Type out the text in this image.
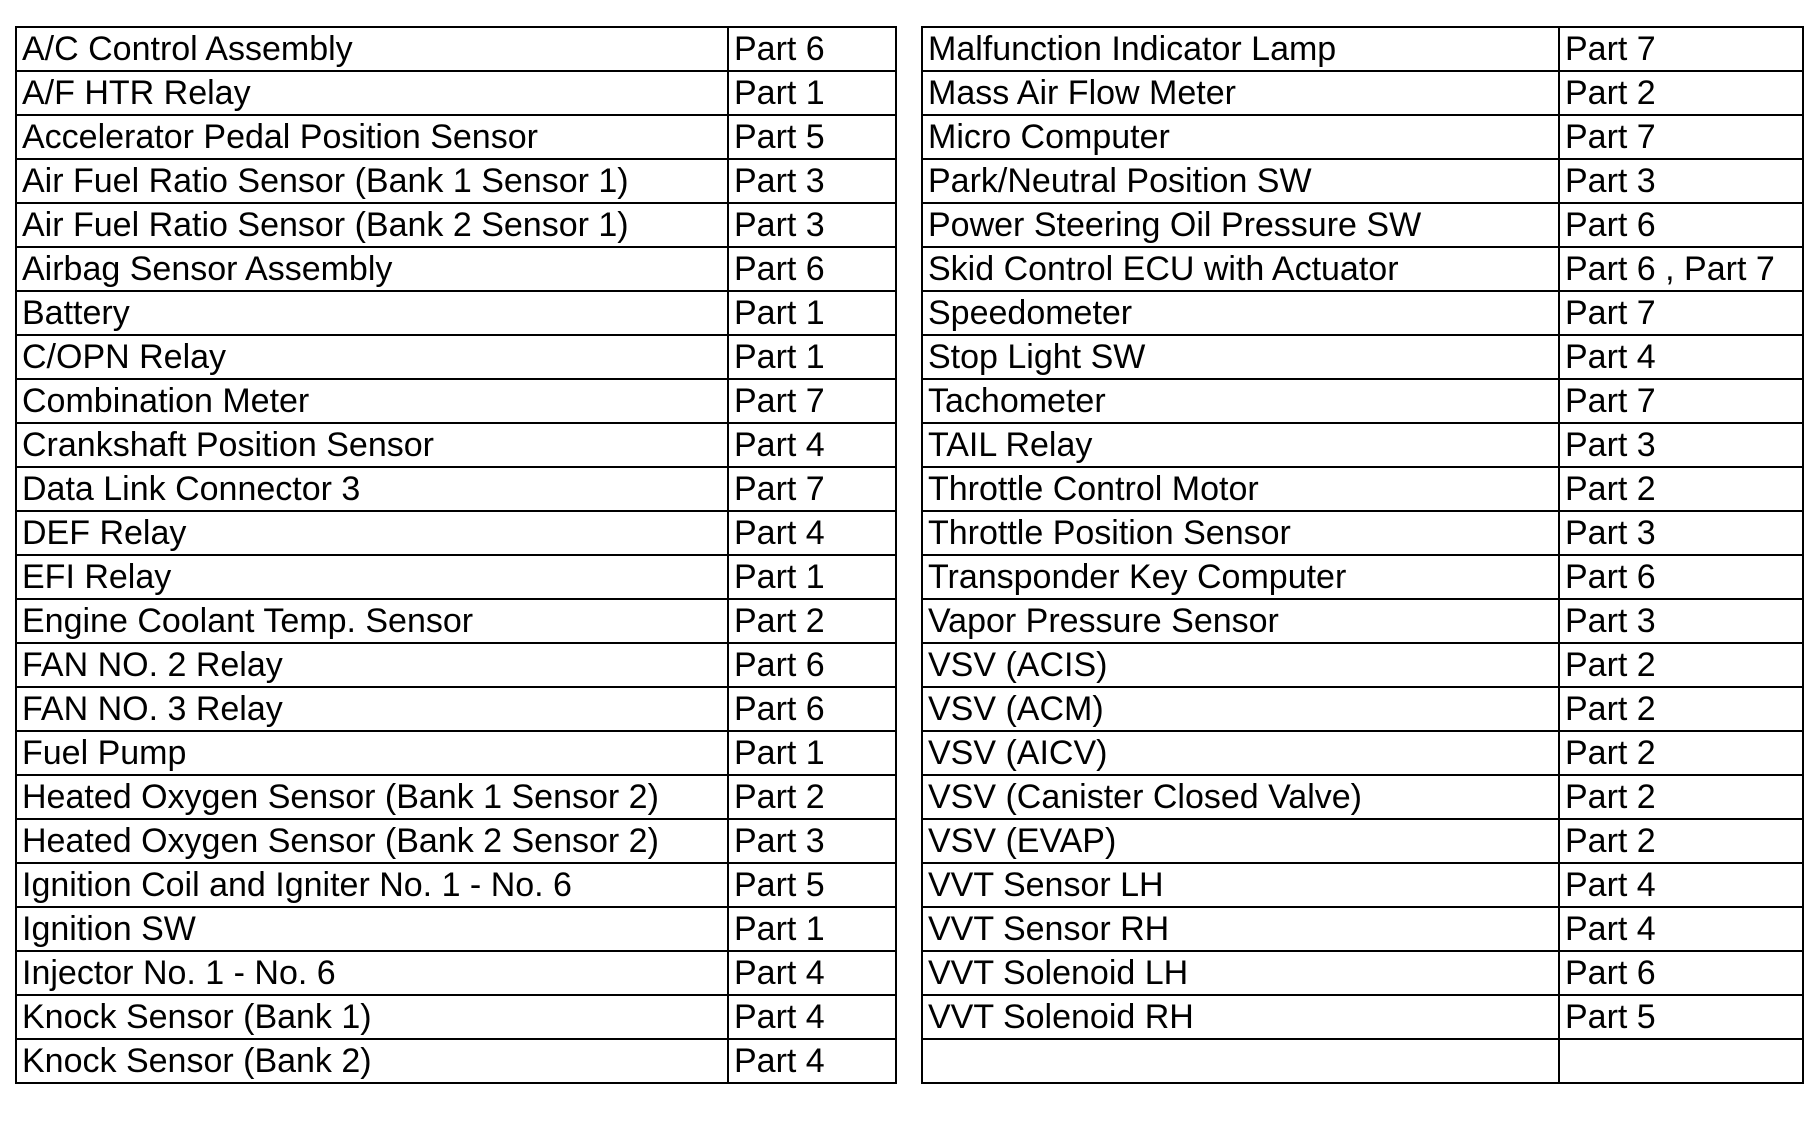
A/C Control Assembly	Part 6		Malfunction Indicator Lamp	Part 7
A/F HTR Relay	Part 1		Mass Air Flow Meter	Part 2
Accelerator Pedal Position Sensor	Part 5		Micro Computer	Part 7
Air Fuel Ratio Sensor (Bank 1 Sensor 1)	Part 3		Park/Neutral Position SW	Part 3
Air Fuel Ratio Sensor (Bank 2 Sensor 1)	Part 3		Power Steering Oil Pressure SW	Part 6
Airbag Sensor Assembly	Part 6		Skid Control ECU with Actuator	Part 6 , Part 7
Battery	Part 1		Speedometer	Part 7
C/OPN Relay	Part 1		Stop Light SW	Part 4
Combination Meter	Part 7		Tachometer	Part 7
Crankshaft Position Sensor	Part 4		TAIL Relay	Part 3
Data Link Connector 3	Part 7		Throttle Control Motor	Part 2
DEF Relay	Part 4		Throttle Position Sensor	Part 3
EFI Relay	Part 1		Transponder Key Computer	Part 6
Engine Coolant Temp. Sensor	Part 2		Vapor Pressure Sensor	Part 3
FAN NO. 2 Relay	Part 6		VSV (ACIS)	Part 2
FAN NO. 3 Relay	Part 6		VSV (ACM)	Part 2
Fuel Pump	Part 1		VSV (AICV)	Part 2
Heated Oxygen Sensor (Bank 1 Sensor 2)	Part 2		VSV (Canister Closed Valve)	Part 2
Heated Oxygen Sensor (Bank 2 Sensor 2)	Part 3		VSV (EVAP)	Part 2
Ignition Coil and Igniter No. 1 - No. 6	Part 5		VVT Sensor LH	Part 4
Ignition SW	Part 1		VVT Sensor RH	Part 4
Injector No. 1 - No. 6	Part 4		VVT Solenoid LH	Part 6
Knock Sensor (Bank 1)	Part 4		VVT Solenoid RH	Part 5
Knock Sensor (Bank 2)	Part 4			
